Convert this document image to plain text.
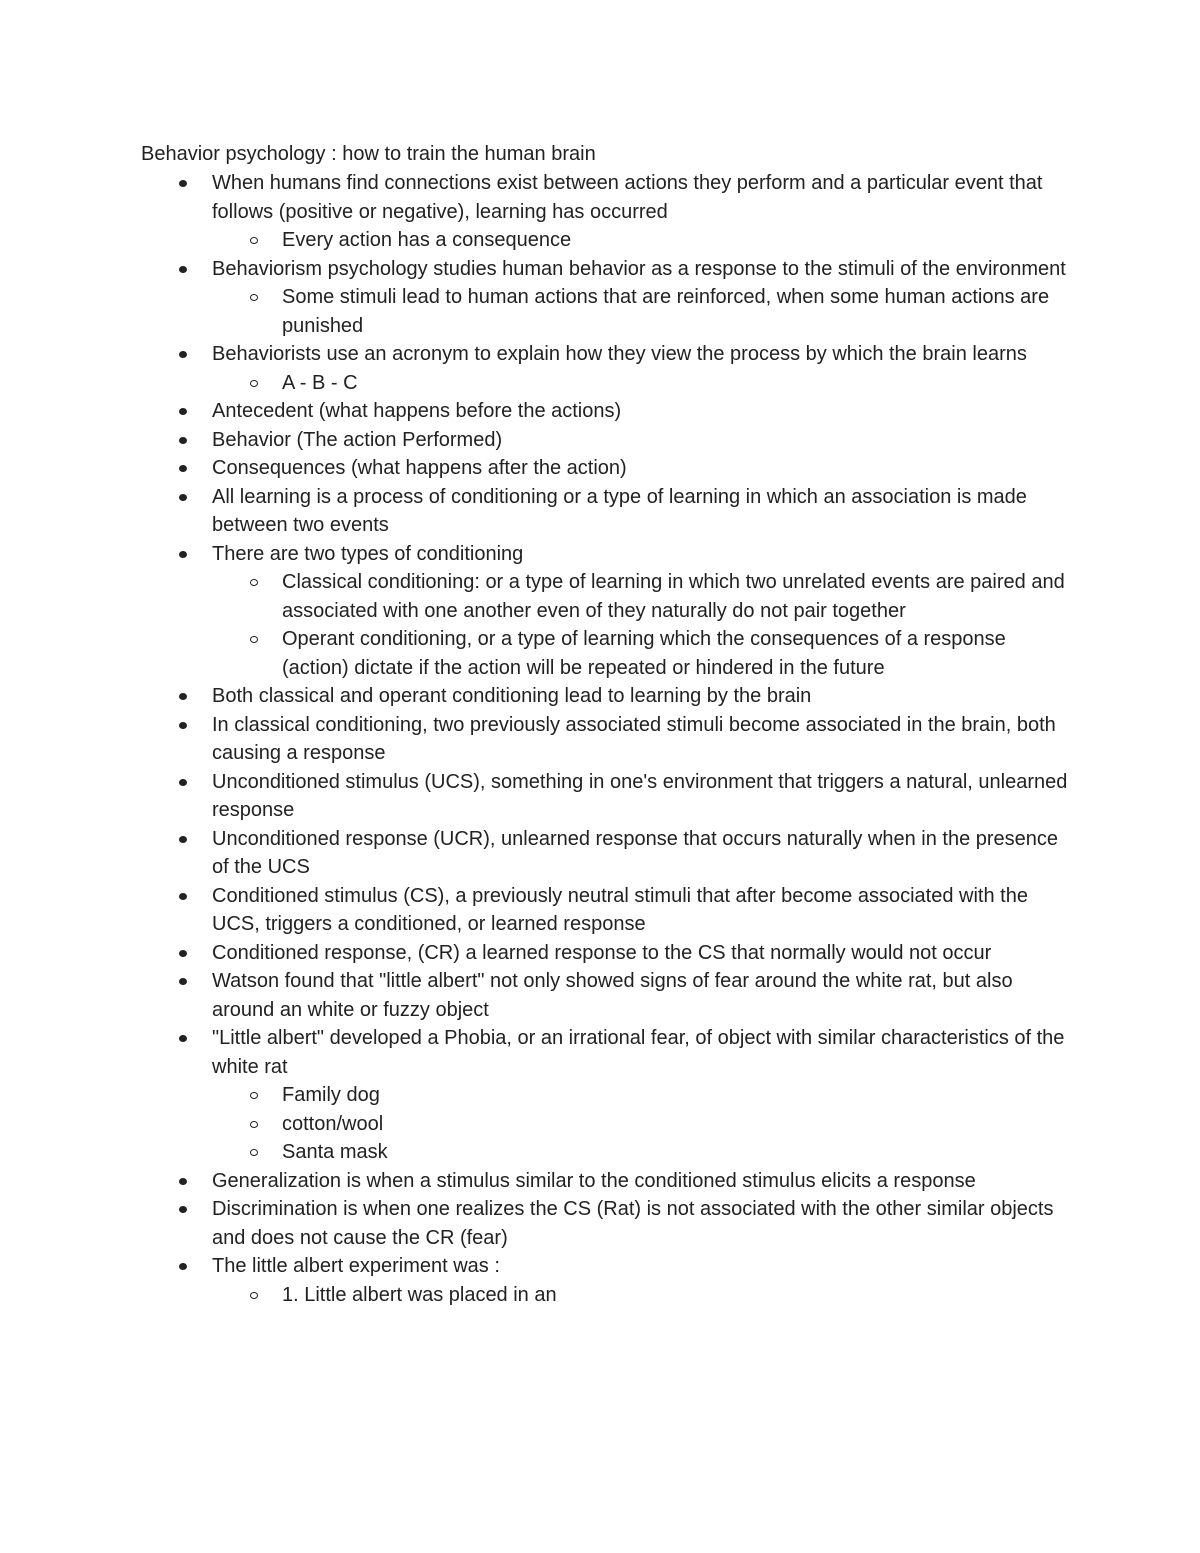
Behavior psychology : how to train the human brain
When humans find connections exist between actions they perform and a particular event that follows (positive or negative), learning has occurred
Every action has a consequence
Behaviorism psychology studies human behavior as a response to the stimuli of the environment
Some stimuli lead to human actions that are reinforced, when some human actions are punished
Behaviorists use an acronym to explain how they view the process by which the brain learns
A - B - C
Antecedent (what happens before the actions)
Behavior (The action Performed)
Consequences (what happens after the action)
All learning is a process of conditioning or a type of learning in which an association is made between two events
There are two types of conditioning
Classical conditioning: or a type of learning in which two unrelated events are paired and associated with one another even of they naturally do not pair together
Operant conditioning, or a type of learning which the consequences of a response (action) dictate if the action will be repeated or hindered in the future
Both classical and operant conditioning lead to learning by the brain
In classical conditioning, two previously associated stimuli become associated in the brain, both causing a response
Unconditioned stimulus (UCS), something in one's environment that triggers a natural, unlearned response
Unconditioned response (UCR), unlearned response that occurs naturally when in the presence of the UCS
Conditioned stimulus (CS), a previously neutral stimuli that after become associated with the UCS, triggers a conditioned, or learned response
Conditioned response, (CR) a learned response to the CS that normally would not occur
Watson found that "little albert" not only showed signs of fear around the white rat, but also around an white or fuzzy object
"Little albert" developed a Phobia, or an irrational fear, of object with similar characteristics of the white rat
Family dog
cotton/wool
Santa mask
Generalization is when a stimulus similar to the conditioned stimulus elicits a response
Discrimination is when one realizes the CS (Rat) is not associated with the other similar objects and does not cause the CR (fear)
The little albert experiment was :
1. Little albert was placed in an
